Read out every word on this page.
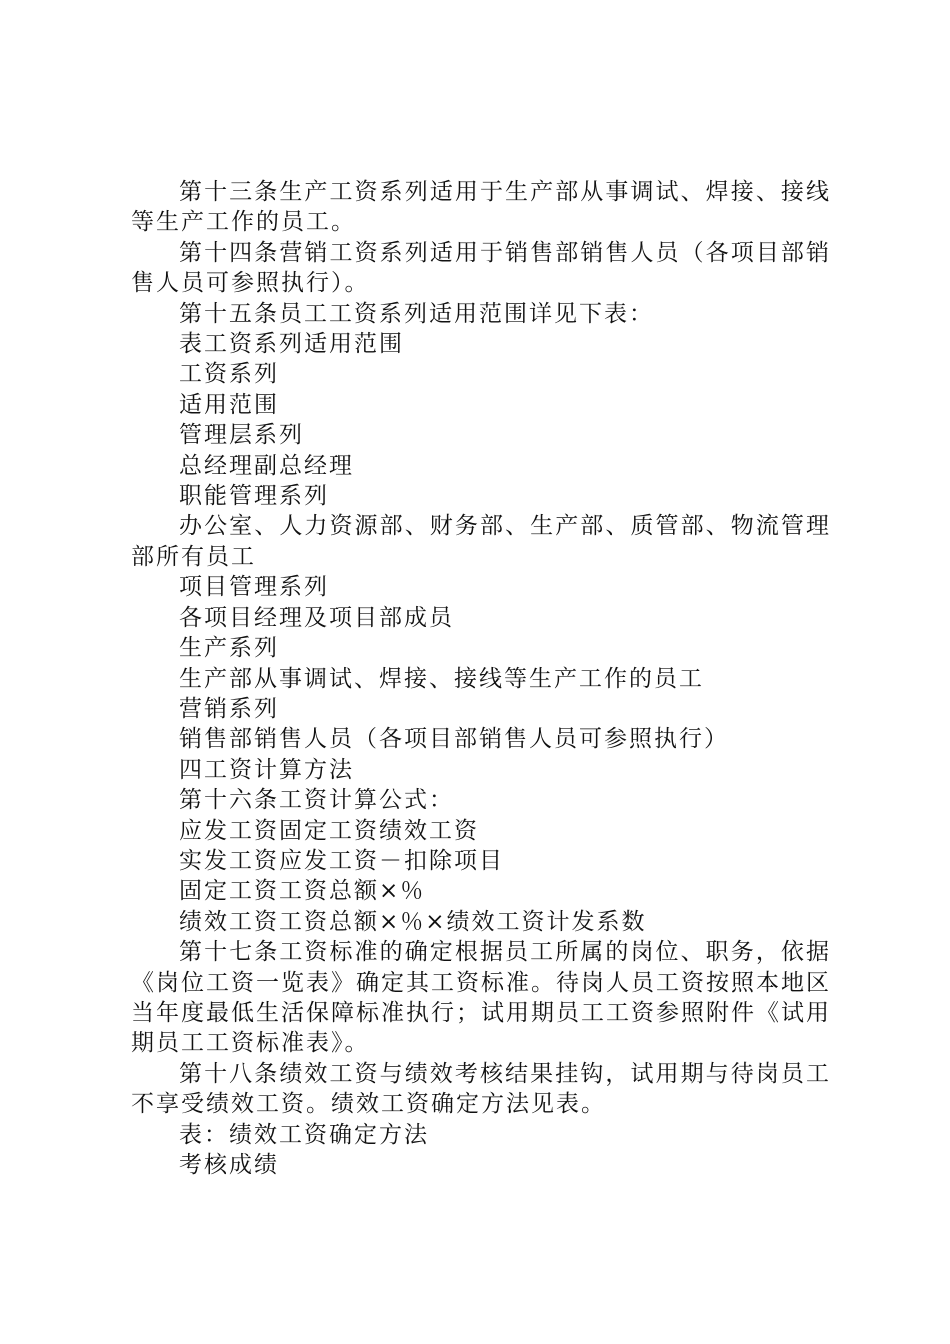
第十三条生产工资系列适用于生产部从事调试、焊接、接线等生产工作的员工。

第十四条营销工资系列适用于销售部销售人员（各项目部销售人员可参照执行）。

第十五条员工工资系列适用范围详见下表：

表工资系列适用范围

工资系列

适用范围

管理层系列

总经理副总经理

职能管理系列

办公室、人力资源部、财务部、生产部、质管部、物流管理部所有员工

项目管理系列

各项目经理及项目部成员

生产系列

生产部从事调试、焊接、接线等生产工作的员工

营销系列

销售部销售人员（各项目部销售人员可参照执行）

四工资计算方法

第十六条工资计算公式：

应发工资固定工资绩效工资

实发工资应发工资－扣除项目

固定工资工资总额×％

绩效工资工资总额×％×绩效工资计发系数

第十七条工资标准的确定根据员工所属的岗位、职务，依据《岗位工资一览表》确定其工资标准。待岗人员工资按照本地区当年度最低生活保障标准执行；试用期员工工资参照附件《试用期员工工资标准表》。

第十八条绩效工资与绩效考核结果挂钩，试用期与待岗员工不享受绩效工资。绩效工资确定方法见表。

表：绩效工资确定方法

考核成绩
